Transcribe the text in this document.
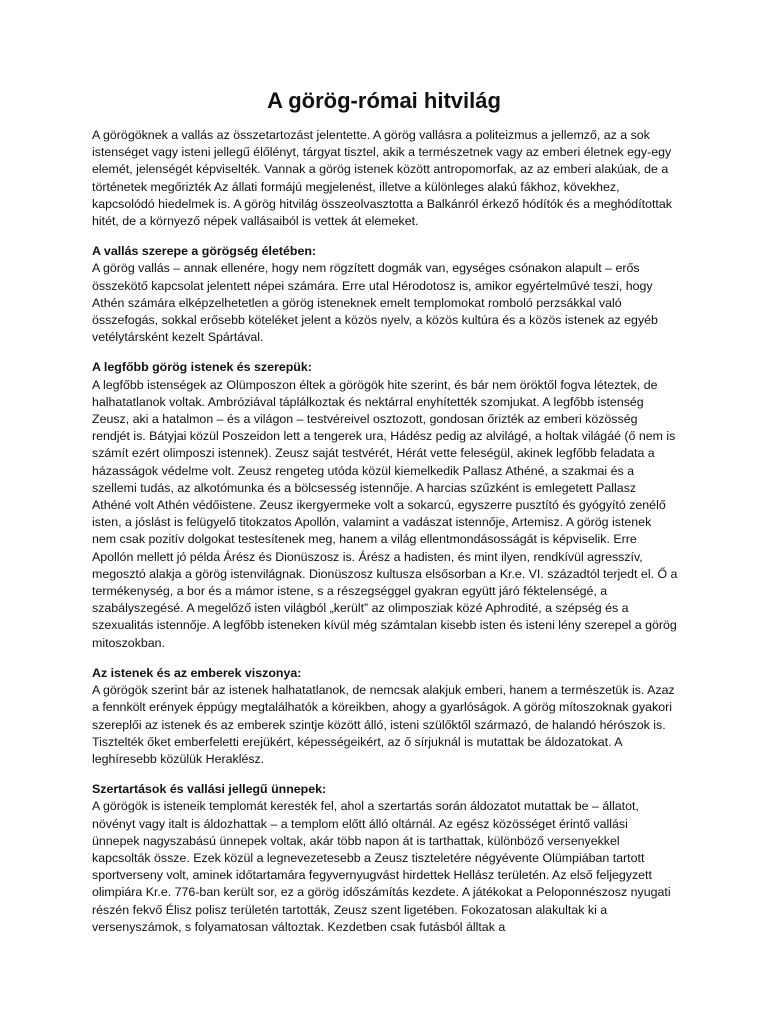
A görög-római hitvilág

A görögöknek a vallás az összetartozást jelentette. A görög vallásra a politeizmus a jellemző, az a sok istenséget vagy isteni jellegű élőlényt, tárgyat tisztel, akik a természetnek vagy az emberi életnek egy-egy elemét, jelenségét képviselték. Vannak a görög istenek között antropomorfak, az az emberi alakúak, de a történetek megőrizték Az állati formájú megjelenést, illetve a különleges alakú fákhoz, kövekhez, kapcsolódó hiedelmek is. A görög hitvilág összeolvasztotta a Balkánról érkező hódítók és a meghódítottak hitét, de a környező népek vallásaiból is vettek át elemeket.

A vallás szerepe a görögség életében:

A görög vallás – annak ellenére, hogy nem rögzített dogmák van, egységes csónakon alapult – erős összekötő kapcsolat jelentett népei számára. Erre utal Hérodotosz is, amikor egyértelművé teszi, hogy Athén számára elképzelhetetlen a görög isteneknek emelt templomokat romboló perzsákkal való összefogás, sokkal erősebb köteléket jelent a közös nyelv, a közös kultúra és a közös istenek az egyéb vetélytársként kezelt Spártával.

A legfőbb görög istenek és szerepük:

A legfőbb istenségek az Olümposzon éltek a görögök hite szerint, és bár nem öröktől fogva léteztek, de halhatatlanok voltak. Ambróziával táplálkoztak és nektárral enyhítették szomjukat. A legfőbb istenség Zeusz, aki a hatalmon – és a világon – testvéreivel osztozott, gondosan őrizték az emberi közösség rendjét is. Bátyjai közül Poszeidon lett a tengerek ura, Hádész pedig az alvilágé, a holtak világáé (ő nem is számít ezért olimposzi istennek). Zeusz saját testvérét, Hérát vette feleségül, akinek legfőbb feladata a házasságok védelme volt. Zeusz rengeteg utóda közül kiemelkedik Pallasz Athéné, a szakmai és a szellemi tudás, az alkotómunka és a bölcsesség istennője. A harcias szűzként is emlegetett Pallasz Athéné volt Athén védőistene. Zeusz ikergyermeke volt a sokarcú, egyszerre pusztító és gyógyító zenélő isten, a jóslást is felügyelő titokzatos Apollón, valamint a vadászat istennője, Artemisz. A görög istenek nem csak pozitív dolgokat testesítenek meg, hanem a világ ellentmondásosságát is képviselik. Erre Apollón mellett jó példa Árész és Dionüszosz is. Árész a hadisten, és mint ilyen, rendkívül agresszív, megosztó alakja a görög istenvilágnak. Dionüszosz kultusza elsősorban a Kr.e. VI. századtól terjedt el. Ő a termékenység, a bor és a mámor istene, s a részegséggel gyakran együtt járó féktelenségé, a szabályszegésé. A megelőző isten világból „került” az olimposziak közé Aphrodité, a szépség és a szexualitás istennője. A legfőbb isteneken kívül még számtalan kisebb isten és isteni lény szerepel a görög mitoszokban.

Az istenek és az emberek viszonya:

A görögök szerint bár az istenek halhatatlanok, de nemcsak alakjuk emberi, hanem a természetük is. Azaz a fennkölt erények éppúgy megtalálhatók a köreikben, ahogy a gyarlóságok. A görög mítoszoknak gyakori szereplői az istenek és az emberek szintje között álló, isteni szülőktől származó, de halandó hérószok is. Tisztelték őket emberfeletti erejükért, képességeikért, az ő sírjuknál is mutattak be áldozatokat. A leghíresebb közülük Heraklész.

Szertartások és vallási jellegű ünnepek:

A görögök is isteneik templomát keresték fel, ahol a szertartás során áldozatot mutattak be – állatot, növényt vagy italt is áldozhattak – a templom előtt álló oltárnál. Az egész közösséget érintő vallási ünnepek nagyszabású ünnepek voltak, akár több napon át is tarthattak, különböző versenyekkel kapcsolták össze. Ezek közül a legnevezetesebb a Zeusz tiszteletére négyévente Olümpiában tartott sportverseny volt, aminek időtartamára fegyvernyugvást hirdettek Hellász területén. Az első feljegyzett olimpiára Kr.e. 776-ban került sor, ez a görög időszámítás kezdete. A játékokat a Peloponnészosz nyugati részén fekvő Élisz polisz területén tartották, Zeusz szent ligetében. Fokozatosan alakultak ki a versenyszámok, s folyamatosan változtak. Kezdetben csak futásból álltak a
